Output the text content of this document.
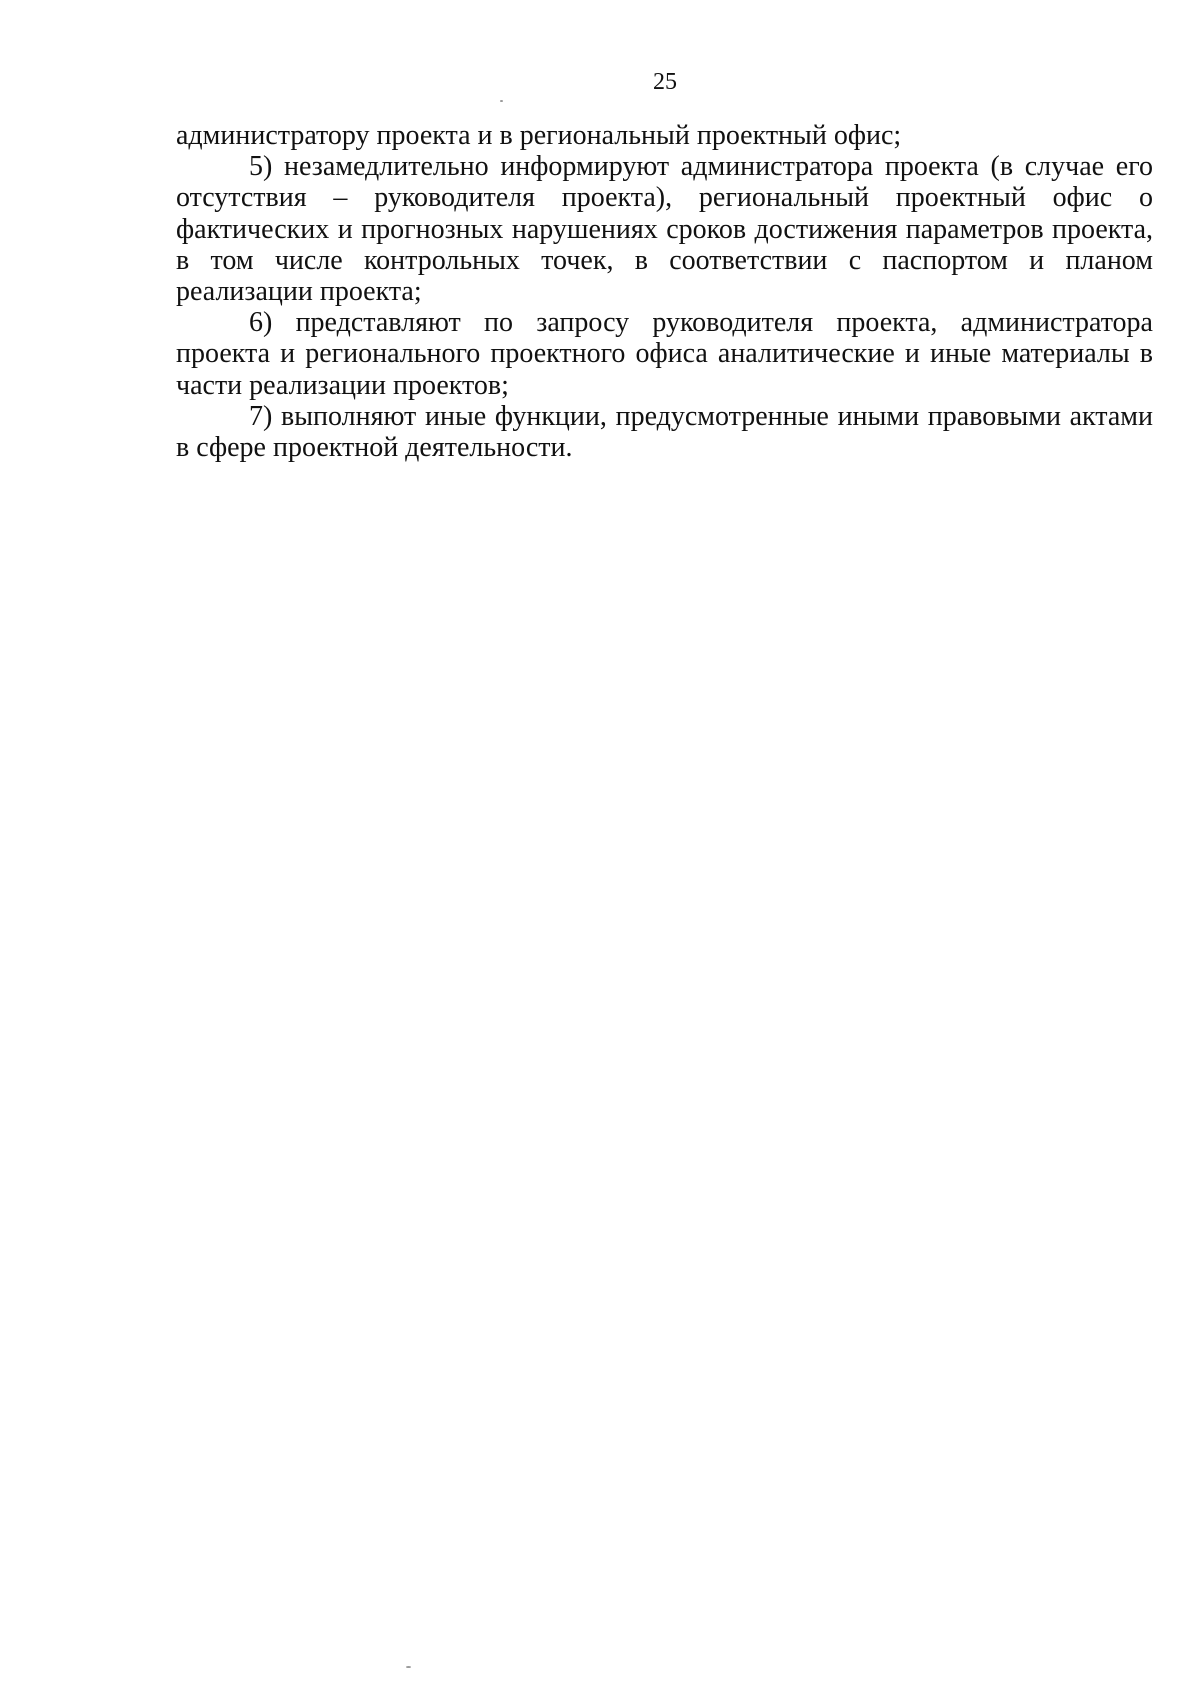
25

администратору проекта и в региональный проектный офис;

5) незамедлительно информируют администратора проекта (в случае его отсутствия – руководителя проекта), региональный проектный офис о фактических и прогнозных нарушениях сроков достижения параметров проекта, в том числе контрольных точек, в соответствии с паспортом и планом реализации проекта;

6) представляют по запросу руководителя проекта, администратора проекта и регионального проектного офиса аналитические и иные материалы в части реализации проектов;

7) выполняют иные функции, предусмотренные иными правовыми актами в сфере проектной деятельности.
